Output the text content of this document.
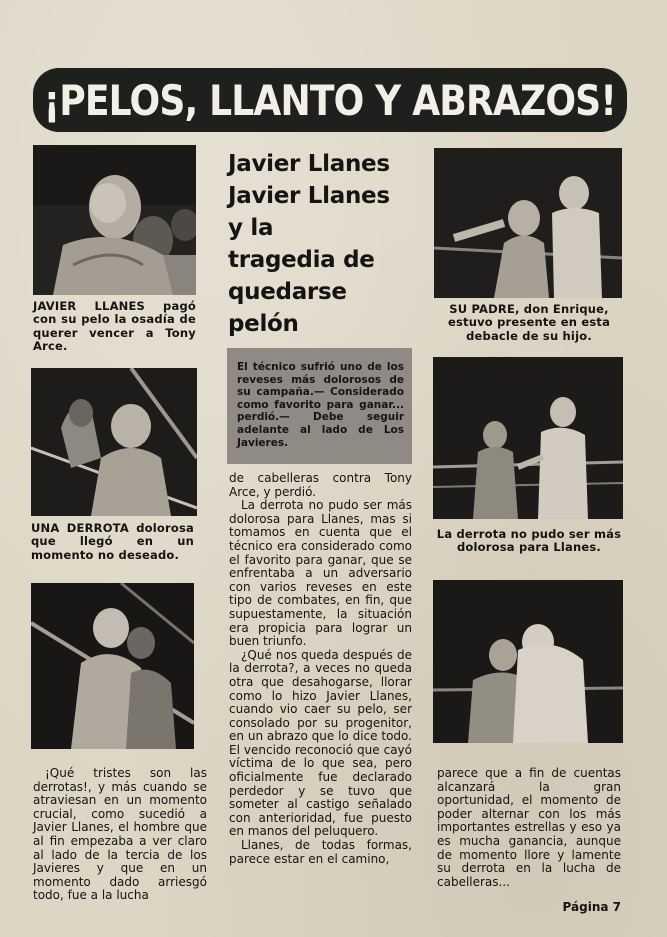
¡PELOS, LLANTO Y ABRAZOS!
JAVIER LLANES pagó con su pelo la osadía de querer vencer a Tony Arce.
UNA DERROTA dolorosa que llegó en un momento no deseado.
Javier Llanes
Javier Llanes
y la
tragedia de
quedarse
pelón
El técnico sufrió uno de los reveses más dolorosos de su campaña.— Considerado como favorito para ganar... perdió.— Debe seguir adelante al lado de Los Javieres.

de cabelleras contra Tony Arce, y perdió.

La derrota no pudo ser más dolorosa para Llanes, mas si tomamos en cuenta que el técnico era considerado como el favorito para ganar, que se enfrentaba a un adversario con varios reveses en este tipo de combates, en fin, que supuestamente, la situación era propicia para lograr un buen triunfo.

¿Qué nos queda después de la derrota?, a veces no queda otra que desahogarse, llorar como lo hizo Javier Llanes, cuando vio caer su pelo, ser consolado por su progenitor, en un abrazo que lo dice todo. El vencido reconoció que cayó víctima de lo que sea, pero oficialmente fue declarado perdedor y se tuvo que someter al castigo señalado con anterioridad, fue puesto en manos del peluquero.

Llanes, de todas formas, parece estar en el camino,

¡Qué tristes son las derrotas!, y más cuando se atraviesan en un momento crucial, como sucedió a Javier Llanes, el hombre que al fin empezaba a ver claro al lado de la tercia de los Javieres y que en un momento dado arriesgó todo, fue a la lucha

SU PADRE, don Enrique, estuvo presente en esta debacle de su hijo.
La derrota no pudo ser más dolorosa para Llanes.

parece que a fin de cuentas alcanzará la gran oportunidad, el momento de poder alternar con los más importantes estrellas y eso ya es mucha ganancia, aunque de momento llore y lamente su derrota en la lucha de cabelleras...

Página 7
